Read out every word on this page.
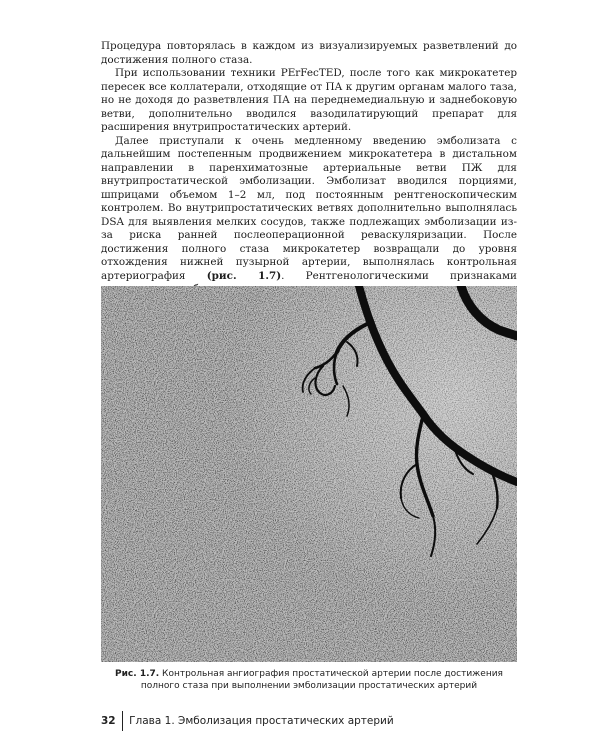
Процедура повторялась в каждом из визуализируемых разветвлений до достижения полного стаза.

При использовании техники PErFecTED, после того как микрокатетер пересек все коллатерали, отходящие от ПА к другим органам малого таза, но не доходя до разветвления ПА на переднемедиальную и заднебоковую ветви, дополнительно вводился вазодилатирующий препарат для расширения внутрипростатических артерий.

Далее приступали к очень медленному введению эмболизата с дальнейшим постепенным продвижением микрокатетера в дистальном направлении в паренхиматозные артериальные ветви ПЖ для внутрипростатической эмболизации. Эмболизат вводился порциями, шприцами объемом 1–2 мл, под постоянным рентгеноскопическим контролем. Во внутрипростатических ветвях дополнительно выполнялась DSA для выявления мелких сосудов, также подлежащих эмболизации из-за риска ранней послеоперационной реваскуляризации. После достижения полного стаза микрокатетер возвращали до уровня отхождения нижней пузырной артерии, выполнялась контрольная артериография (рис. 1.7). Рентгенологическими признаками

Рис. 1.7. Контрольная ангиография простатической артерии после достижения полного стаза при выполнении эмболизации простатических артерий
32	Глава 1. Эмболизация простатических артерий
